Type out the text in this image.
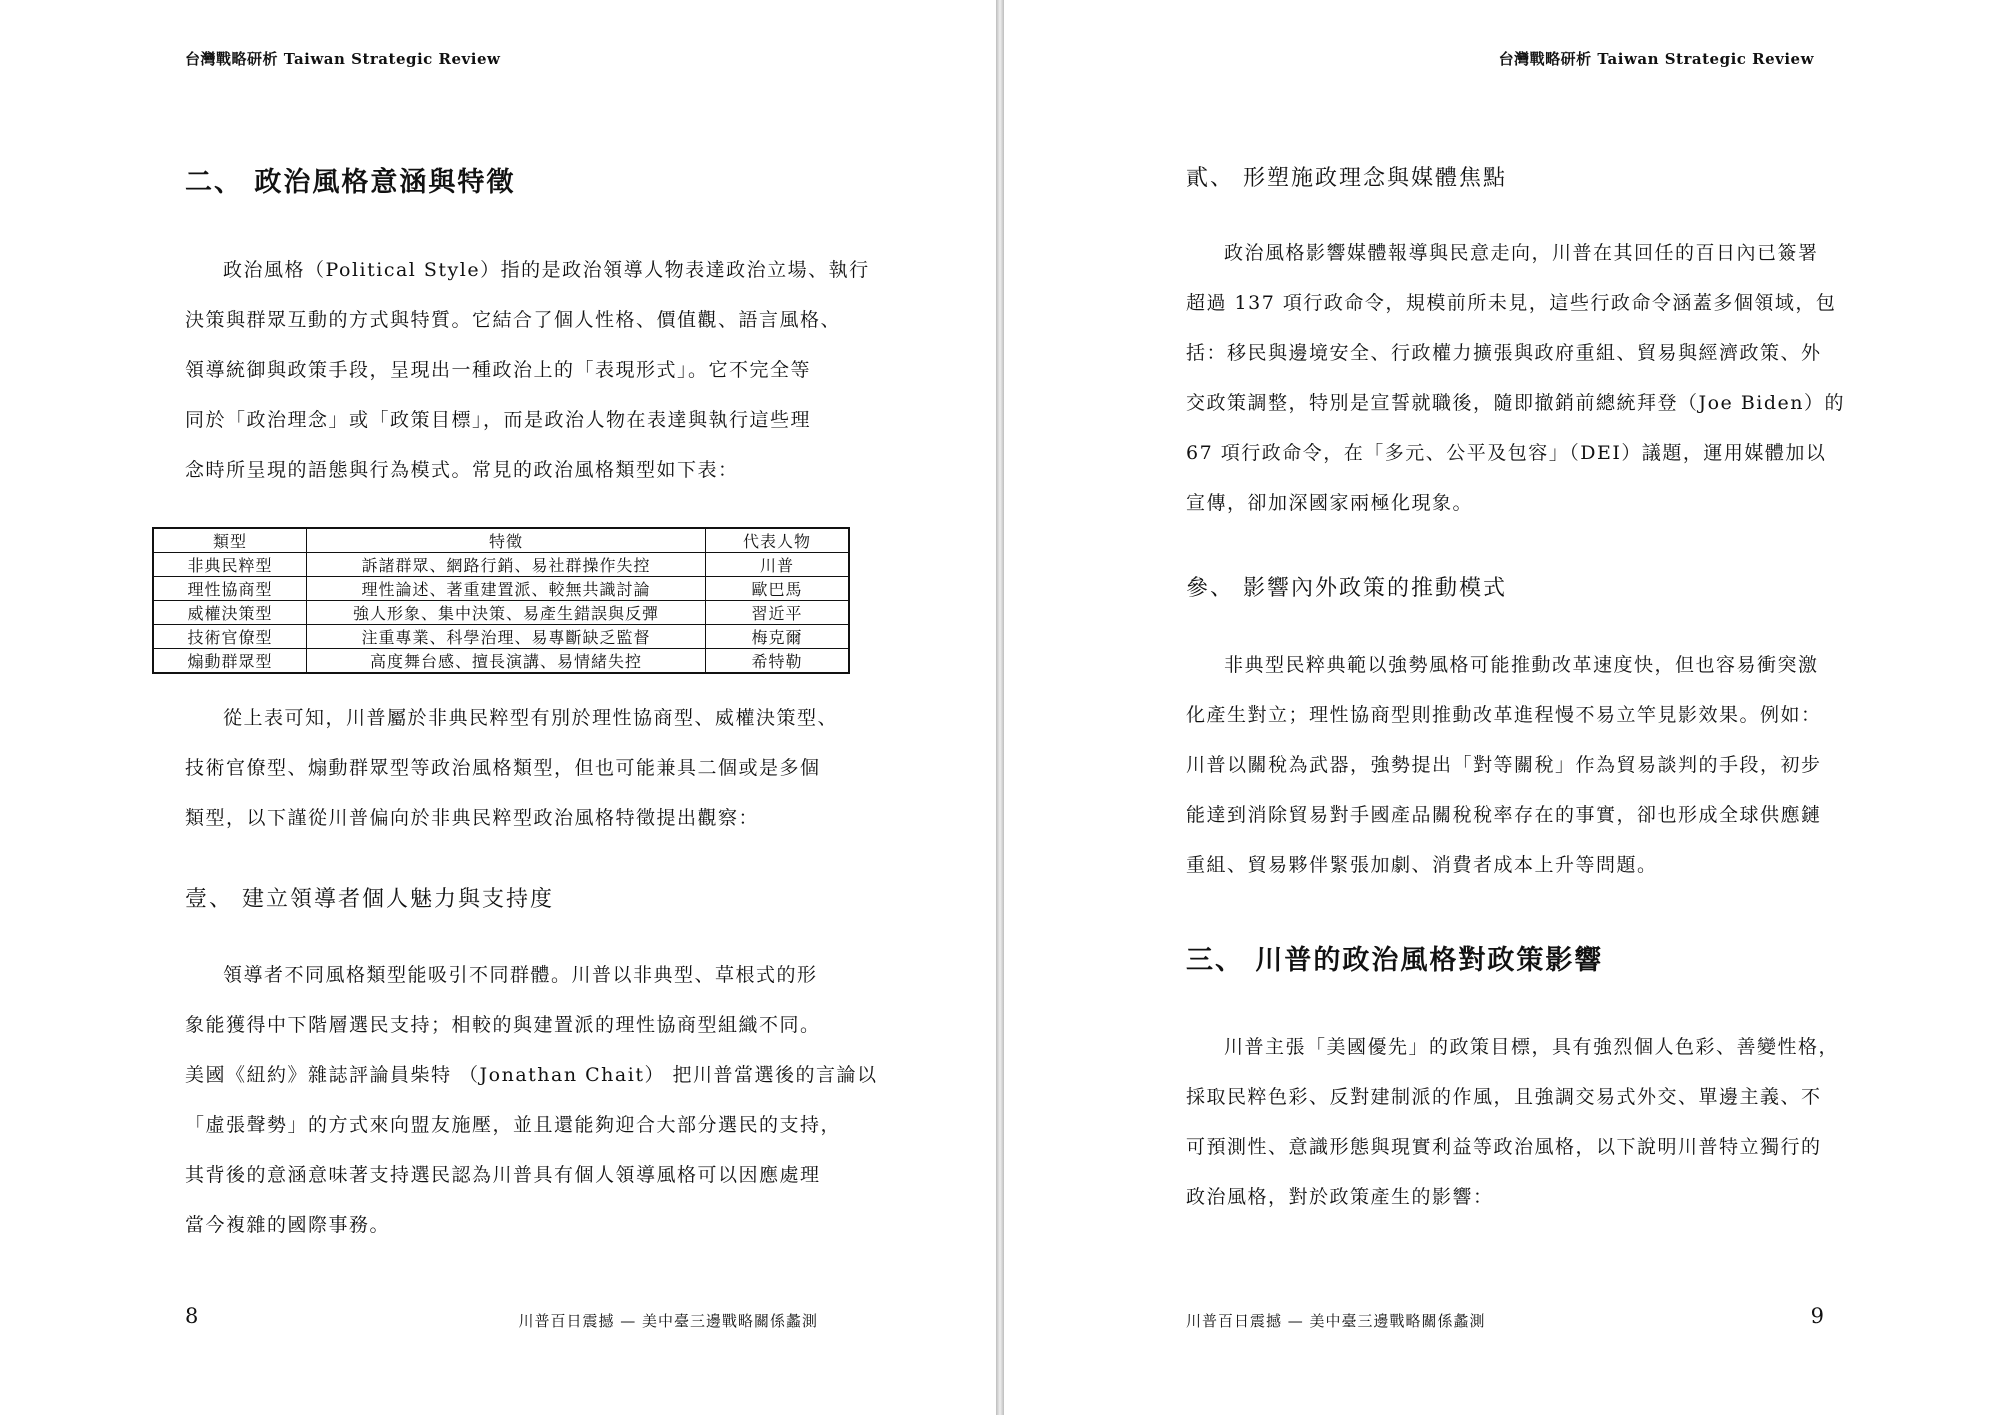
台灣戰略研析 Taiwan Strategic Review
二、 政治風格意涵與特徵
政治風格（Political Style）指的是政治領導人物表達政治立場、執行
決策與群眾互動的方式與特質。它結合了個人性格、價值觀、語言風格、
領導統御與政策手段，呈現出一種政治上的「表現形式」。它不完全等
同於「政治理念」或「政策目標」，而是政治人物在表達與執行這些理
念時所呈現的語態與行為模式。常見的政治風格類型如下表：
類型	特徵	代表人物
非典民粹型	訴諸群眾、網路行銷、易社群操作失控	川普
理性協商型	理性論述、著重建置派、較無共識討論	歐巴馬
威權決策型	強人形象、集中決策、易產生錯誤與反彈	習近平
技術官僚型	注重專業、科學治理、易專斷缺乏監督	梅克爾
煽動群眾型	高度舞台感、擅長演講、易情緒失控	希特勒
從上表可知，川普屬於非典民粹型有別於理性協商型、威權決策型、
技術官僚型、煽動群眾型等政治風格類型，但也可能兼具二個或是多個
類型，以下謹從川普偏向於非典民粹型政治風格特徵提出觀察：
壹、 建立領導者個人魅力與支持度
領導者不同風格類型能吸引不同群體。川普以非典型、草根式的形
象能獲得中下階層選民支持；相較的與建置派的理性協商型組織不同。
美國《紐約》雜誌評論員柴特 （Jonathan Chait） 把川普當選後的言論以
「虛張聲勢」的方式來向盟友施壓，並且還能夠迎合大部分選民的支持，
其背後的意涵意味著支持選民認為川普具有個人領導風格可以因應處理
當今複雜的國際事務。
8	川普百日震撼 — 美中臺三邊戰略關係蠡測
台灣戰略研析 Taiwan Strategic Review
貳、 形塑施政理念與媒體焦點
政治風格影響媒體報導與民意走向，川普在其回任的百日內已簽署
超過 137 項行政命令，規模前所未見，這些行政命令涵蓋多個領域，包
括：移民與邊境安全、行政權力擴張與政府重組、貿易與經濟政策、外
交政策調整，特別是宣誓就職後，隨即撤銷前總統拜登（Joe Biden）的
67 項行政命令，在「多元、公平及包容」（DEI）議題，運用媒體加以
宣傳，卻加深國家兩極化現象。
參、 影響內外政策的推動模式
非典型民粹典範以強勢風格可能推動改革速度快，但也容易衝突激
化產生對立；理性協商型則推動改革進程慢不易立竿見影效果。例如：
川普以關稅為武器，強勢提出「對等關稅」作為貿易談判的手段，初步
能達到消除貿易對手國產品關稅稅率存在的事實，卻也形成全球供應鏈
重組、貿易夥伴緊張加劇、消費者成本上升等問題。
三、 川普的政治風格對政策影響
川普主張「美國優先」的政策目標，具有強烈個人色彩、善變性格，
採取民粹色彩、反對建制派的作風，且強調交易式外交、單邊主義、不
可預測性、意識形態與現實利益等政治風格，以下說明川普特立獨行的
政治風格，對於政策產生的影響：
川普百日震撼 — 美中臺三邊戰略關係蠡測	9
